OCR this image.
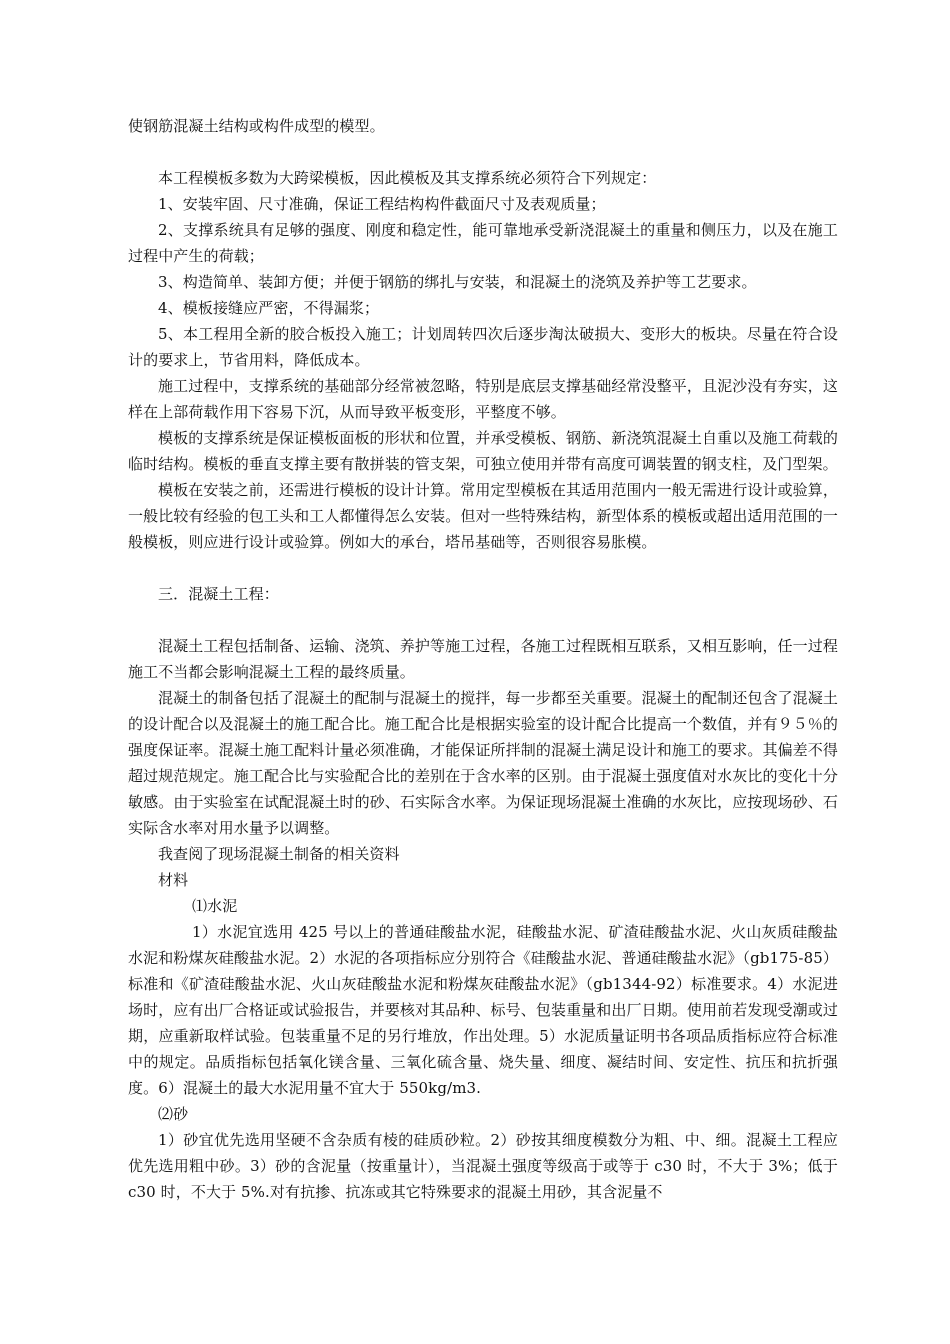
使钢筋混凝土结构或构件成型的模型。

本工程模板多数为大跨梁模板，因此模板及其支撑系统必须符合下列规定：

1、安装牢固、尺寸准确，保证工程结构构件截面尺寸及表观质量；

2、支撑系统具有足够的强度、刚度和稳定性，能可靠地承受新浇混凝土的重量和侧压力，以及在施工过程中产生的荷载；

3、构造简单、装卸方便；并便于钢筋的绑扎与安装，和混凝土的浇筑及养护等工艺要求。

4、模板接缝应严密，不得漏浆；

5、本工程用全新的胶合板投入施工；计划周转四次后逐步淘汰破损大、变形大的板块。尽量在符合设计的要求上，节省用料，降低成本。

施工过程中，支撑系统的基础部分经常被忽略，特别是底层支撑基础经常没整平，且泥沙没有夯实，这样在上部荷载作用下容易下沉，从而导致平板变形，平整度不够。

模板的支撑系统是保证模板面板的形状和位置，并承受模板、钢筋、新浇筑混凝土自重以及施工荷载的临时结构。模板的垂直支撑主要有散拼装的管支架，可独立使用并带有高度可调装置的钢支柱，及门型架。

模板在安装之前，还需进行模板的设计计算。常用定型模板在其适用范围内一般无需进行设计或验算，一般比较有经验的包工头和工人都懂得怎么安装。但对一些特殊结构，新型体系的模板或超出适用范围的一般模板，则应进行设计或验算。例如大的承台，塔吊基础等，否则很容易胀模。

三．混凝土工程：

混凝土工程包括制备、运输、浇筑、养护等施工过程，各施工过程既相互联系，又相互影响，任一过程施工不当都会影响混凝土工程的最终质量。

混凝土的制备包括了混凝土的配制与混凝土的搅拌，每一步都至关重要。混凝土的配制还包含了混凝土的设计配合以及混凝土的施工配合比。施工配合比是根据实验室的设计配合比提高一个数值，并有９５％的强度保证率。混凝土施工配料计量必须准确，才能保证所拌制的混凝土满足设计和施工的要求。其偏差不得超过规范规定。施工配合比与实验配合比的差别在于含水率的区别。由于混凝土强度值对水灰比的变化十分敏感。由于实验室在试配混凝土时的砂、石实际含水率。为保证现场混凝土准确的水灰比，应按现场砂、石实际含水率对用水量予以调整。

我查阅了现场混凝土制备的相关资料

材料

⑴水泥

1）水泥宜选用 425 号以上的普通硅酸盐水泥，硅酸盐水泥、矿渣硅酸盐水泥、火山灰质硅酸盐水泥和粉煤灰硅酸盐水泥。2）水泥的各项指标应分别符合《硅酸盐水泥、普通硅酸盐水泥》（gb175-85）标准和《矿渣硅酸盐水泥、火山灰硅酸盐水泥和粉煤灰硅酸盐水泥》（gb1344-92）标准要求。4）水泥进场时，应有出厂合格证或试验报告，并要核对其品种、标号、包装重量和出厂日期。使用前若发现受潮或过期，应重新取样试验。包装重量不足的另行堆放，作出处理。5）水泥质量证明书各项品质指标应符合标准中的规定。品质指标包括氧化镁含量、三氧化硫含量、烧失量、细度、凝结时间、安定性、抗压和抗折强度。6）混凝土的最大水泥用量不宜大于 550kg/m3.

⑵砂

1）砂宜优先选用坚硬不含杂质有棱的硅质砂粒。2）砂按其细度模数分为粗、中、细。混凝土工程应优先选用粗中砂。3）砂的含泥量（按重量计），当混凝土强度等级高于或等于 c30 时，不大于 3%；低于 c30 时，不大于 5%.对有抗掺、抗冻或其它特殊要求的混凝土用砂，其含泥量不
